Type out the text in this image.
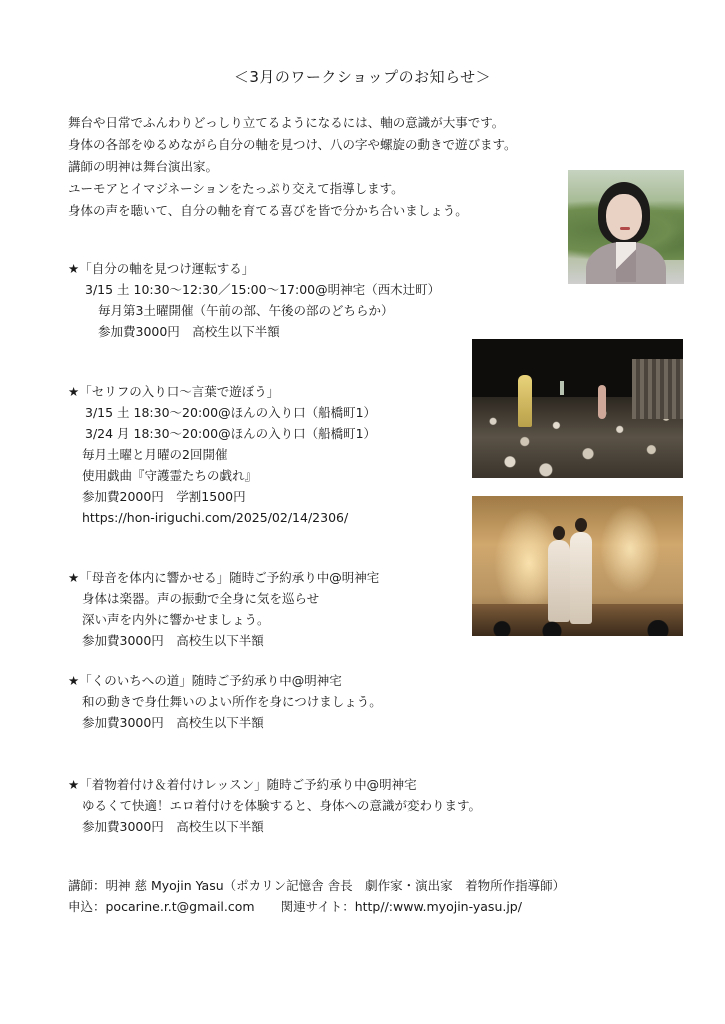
＜3月のワークショップのお知らせ＞
舞台や日常でふんわりどっしり立てるようになるには、軸の意識が大事です。
身体の各部をゆるめながら自分の軸を見つけ、八の字や螺旋の動きで遊びます。
講師の明神は舞台演出家。
ユーモアとイマジネーションをたっぷり交えて指導します。
身体の声を聴いて、自分の軸を育てる喜びを皆で分かち合いましょう。
★「自分の軸を見つけ運転する」
3/15 土 10:30〜12:30／15:00〜17:00@明神宅（西木辻町）
毎月第3土曜開催（午前の部、午後の部のどちらか）
参加費3000円　高校生以下半額
★「セリフの入り口〜言葉で遊ぼう」
3/15 土 18:30〜20:00@ほんの入り口（船橋町1）
3/24 月 18:30〜20:00@ほんの入り口（船橋町1）
毎月土曜と月曜の2回開催
使用戯曲『守護霊たちの戯れ』
参加費2000円　学割1500円
https://hon-iriguchi.com/2025/02/14/2306/
★「母音を体内に響かせる」随時ご予約承り中@明神宅
身体は楽器。声の振動で全身に気を巡らせ
深い声を内外に響かせましょう。
参加費3000円　高校生以下半額
★「くのいちへの道」随時ご予約承り中@明神宅
和の動きで身仕舞いのよい所作を身につけましょう。
参加費3000円　高校生以下半額
★「着物着付け＆着付けレッスン」随時ご予約承り中@明神宅
ゆるくて快適！エロ着付けを体験すると、身体への意識が変わります。
参加費3000円　高校生以下半額
講師：明神 慈 Myojin Yasu（ポカリン記憶舎 舎長　劇作家・演出家　着物所作指導師）
申込：pocarine.r.t@gmail.com 関連サイト：http//:www.myojin-yasu.jp/
